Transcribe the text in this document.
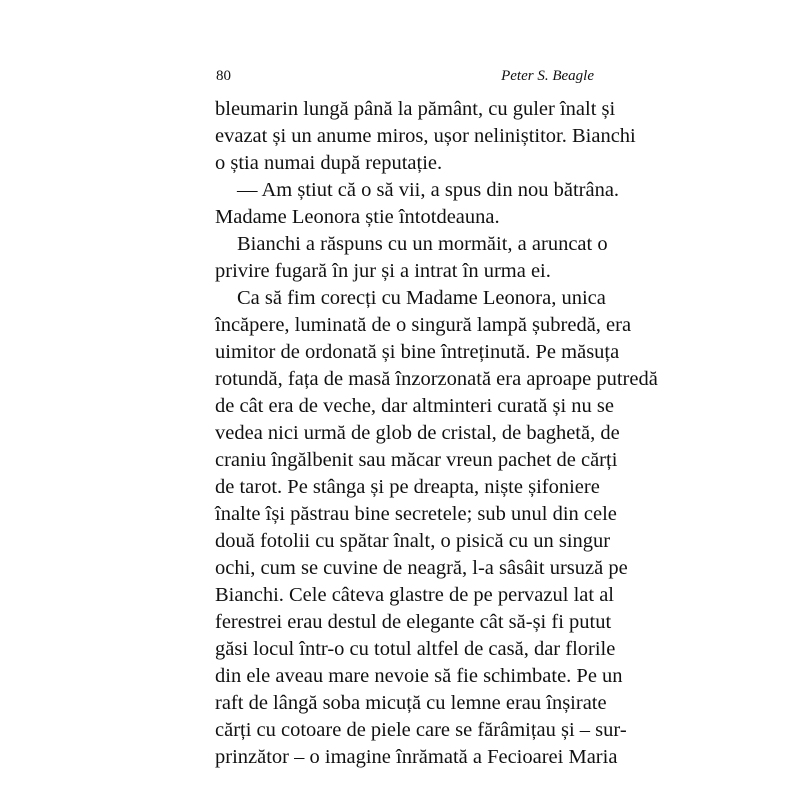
80	Peter S. Beagle
bleumarin lungă până la pământ, cu guler înalt și
evazat și un anume miros, ușor neliniștitor. Bianchi
o știa numai după reputație.
— Am știut că o să vii, a spus din nou bătrâna.
Madame Leonora știe întotdeauna.
Bianchi a răspuns cu un mormăit, a aruncat o
privire fugară în jur și a intrat în urma ei.
Ca să fim corecți cu Madame Leonora, unica
încăpere, luminată de o singură lampă șubredă, era
uimitor de ordonată și bine întreținută. Pe măsuța
rotundă, fața de masă înzorzonată era aproape putredă
de cât era de veche, dar altminteri curată și nu se
vedea nici urmă de glob de cristal, de baghetă, de
craniu îngălbenit sau măcar vreun pachet de cărți
de tarot. Pe stânga și pe dreapta, niște șifoniere
înalte își păstrau bine secretele; sub unul din cele
două fotolii cu spătar înalt, o pisică cu un singur
ochi, cum se cuvine de neagră, l-a sâsâit ursuză pe
Bianchi. Cele câteva glastre de pe pervazul lat al
ferestrei erau destul de elegante cât să-și fi putut
găsi locul într-o cu totul altfel de casă, dar florile
din ele aveau mare nevoie să fie schimbate. Pe un
raft de lângă soba micuță cu lemne erau înșirate
cărți cu cotoare de piele care se fărâmițau și – sur-
prinzător – o imagine înrămată a Fecioarei Maria
